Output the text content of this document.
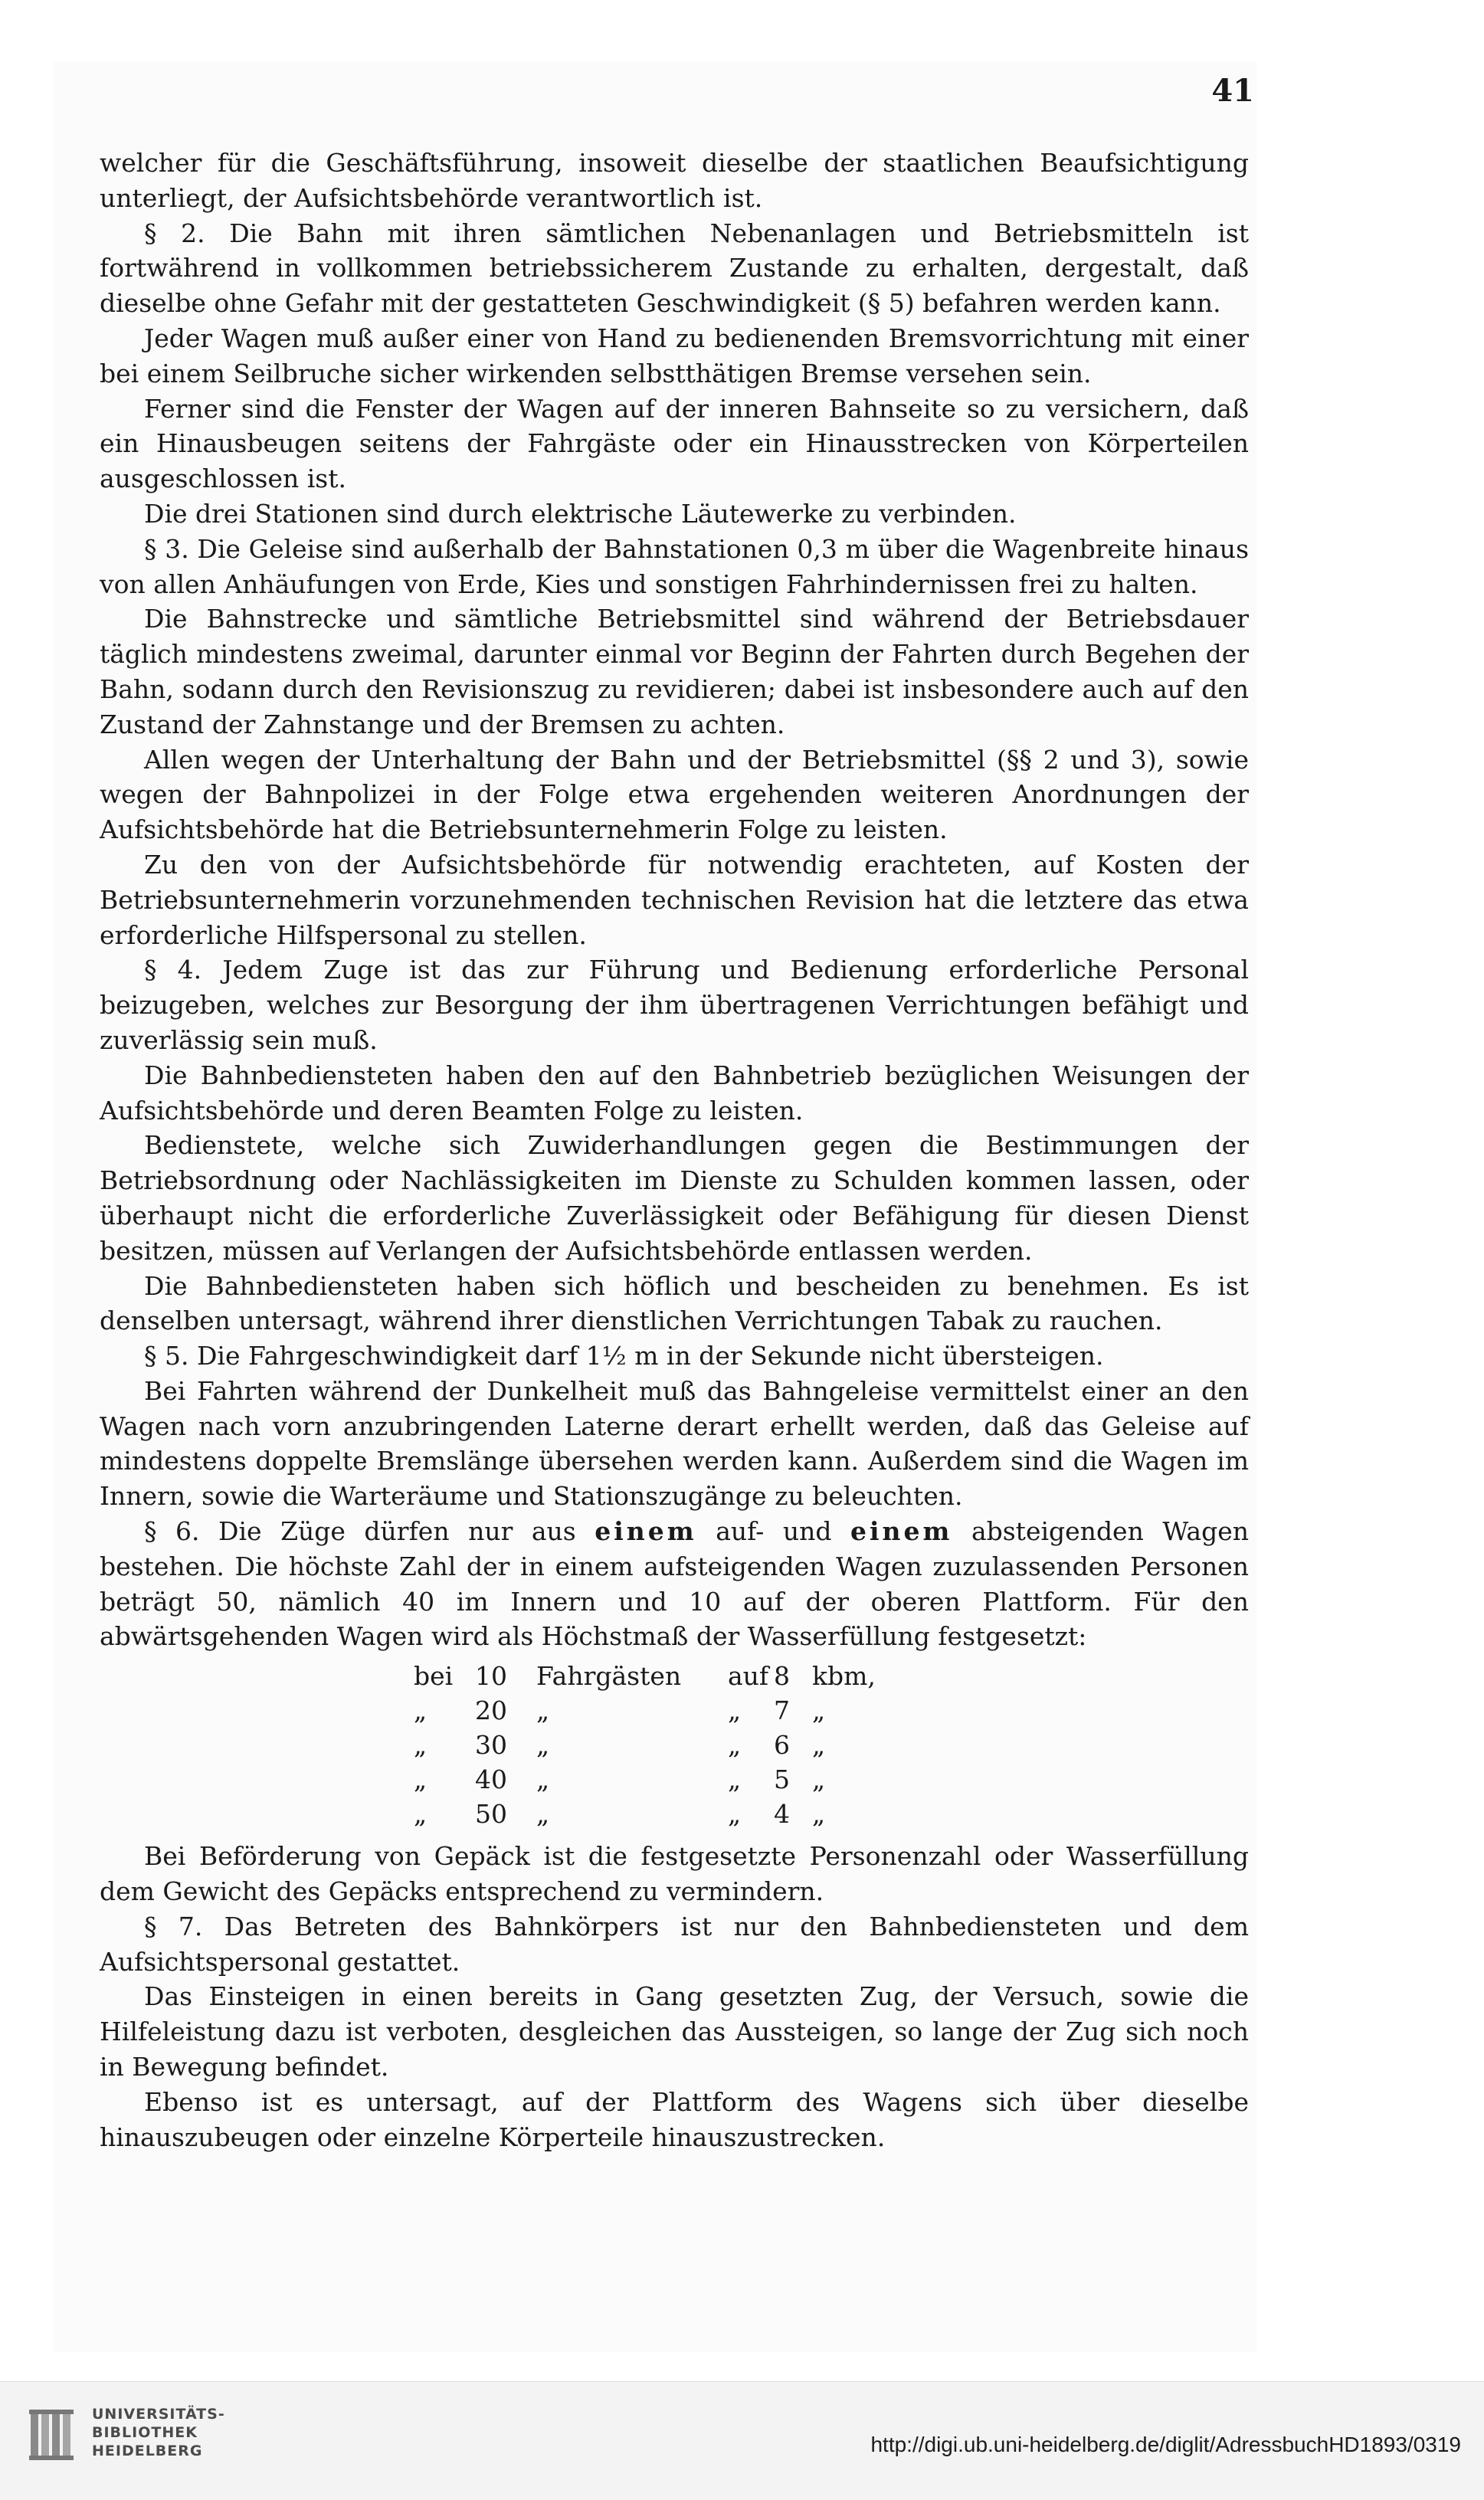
41

welcher für die Geschäftsführung, insoweit dieselbe der staatlichen Beaufsichtigung unterliegt, der Aufsichtsbehörde verantwortlich ist.

§ 2. Die Bahn mit ihren sämtlichen Nebenanlagen und Betriebsmitteln ist fortwährend in vollkommen betriebssicherem Zustande zu erhalten, dergestalt, daß dieselbe ohne Gefahr mit der gestatteten Geschwindigkeit (§ 5) befahren werden kann.

Jeder Wagen muß außer einer von Hand zu bedienenden Bremsvorrichtung mit einer bei einem Seilbruche sicher wirkenden selbstthätigen Bremse versehen sein.

Ferner sind die Fenster der Wagen auf der inneren Bahnseite so zu versichern, daß ein Hinausbeugen seitens der Fahrgäste oder ein Hinausstrecken von Körperteilen ausgeschlossen ist.

Die drei Stationen sind durch elektrische Läutewerke zu verbinden.

§ 3. Die Geleise sind außerhalb der Bahnstationen 0,3 m über die Wagenbreite hinaus von allen Anhäufungen von Erde, Kies und sonstigen Fahrhindernissen frei zu halten.

Die Bahnstrecke und sämtliche Betriebsmittel sind während der Betriebsdauer täglich mindestens zweimal, darunter einmal vor Beginn der Fahrten durch Begehen der Bahn, sodann durch den Revisionszug zu revidieren; dabei ist insbesondere auch auf den Zustand der Zahnstange und der Bremsen zu achten.

Allen wegen der Unterhaltung der Bahn und der Betriebsmittel (§§ 2 und 3), sowie wegen der Bahnpolizei in der Folge etwa ergehenden weiteren Anordnungen der Aufsichtsbehörde hat die Betriebsunternehmerin Folge zu leisten.

Zu den von der Aufsichtsbehörde für notwendig erachteten, auf Kosten der Betriebsunternehmerin vorzunehmenden technischen Revision hat die letztere das etwa erforderliche Hilfspersonal zu stellen.

§ 4. Jedem Zuge ist das zur Führung und Bedienung erforderliche Personal beizugeben, welches zur Besorgung der ihm übertragenen Verrichtungen befähigt und zuverlässig sein muß.

Die Bahnbediensteten haben den auf den Bahnbetrieb bezüglichen Weisungen der Aufsichtsbehörde und deren Beamten Folge zu leisten.

Bedienstete, welche sich Zuwiderhandlungen gegen die Bestimmungen der Betriebsordnung oder Nachlässigkeiten im Dienste zu Schulden kommen lassen, oder überhaupt nicht die erforderliche Zuverlässigkeit oder Befähigung für diesen Dienst besitzen, müssen auf Verlangen der Aufsichtsbehörde entlassen werden.

Die Bahnbediensteten haben sich höflich und bescheiden zu benehmen. Es ist denselben untersagt, während ihrer dienstlichen Verrichtungen Tabak zu rauchen.

§ 5. Die Fahrgeschwindigkeit darf 1½ m in der Sekunde nicht übersteigen.

Bei Fahrten während der Dunkelheit muß das Bahngeleise vermittelst einer an den Wagen nach vorn anzubringenden Laterne derart erhellt werden, daß das Geleise auf mindestens doppelte Bremslänge übersehen werden kann. Außerdem sind die Wagen im Innern, sowie die Warteräume und Stationszugänge zu beleuchten.

§ 6. Die Züge dürfen nur aus einem auf- und einem absteigenden Wagen bestehen. Die höchste Zahl der in einem aufsteigenden Wagen zuzulassenden Personen beträgt 50, nämlich 40 im Innern und 10 auf der oberen Plattform. Für den abwärtsgehenden Wagen wird als Höchstmaß der Wasserfüllung festgesetzt:

bei 10	Fahrgästen	auf 8 kbm,
„	20	„	„	7 „
„	30	„	„	6 „
„	40	„	„	5 „
„	50	„	„	4 „

Bei Beförderung von Gepäck ist die festgesetzte Personenzahl oder Wasserfüllung dem Gewicht des Gepäcks entsprechend zu vermindern.

§ 7. Das Betreten des Bahnkörpers ist nur den Bahnbediensteten und dem Aufsichtspersonal gestattet.

Das Einsteigen in einen bereits in Gang gesetzten Zug, der Versuch, sowie die Hilfeleistung dazu ist verboten, desgleichen das Aussteigen, so lange der Zug sich noch in Bewegung befindet.

Ebenso ist es untersagt, auf der Plattform des Wagens sich über dieselbe hinauszubeugen oder einzelne Körperteile hinauszustrecken.

UNIVERSITÄTS-
BIBLIOTHEK
HEIDELBERG	http://digi.ub.uni-heidelberg.de/diglit/AdressbuchHD1893/0319
